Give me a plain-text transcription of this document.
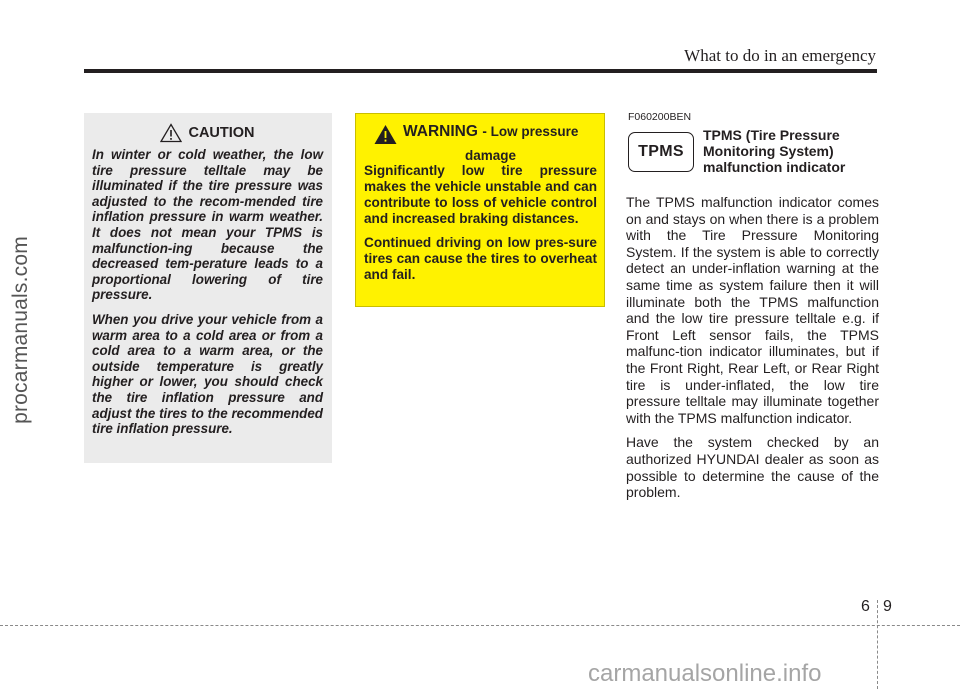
What to do in an emergency
procarmanuals.com
CAUTION

In winter or cold weather, the low tire pressure telltale may be illuminated if the tire pressure was adjusted to the recom-mended tire inflation pressure in warm weather. It does not mean your TPMS is malfunction-ing because the decreased tem-perature leads to a proportional lowering of tire pressure.

When you drive your vehicle from a warm area to a cold area or from a cold area to a warm area, or the outside temperature is greatly higher or lower, you should check the tire inflation pressure and adjust the tires to the recommended tire inflation pressure.

WARNING - Low pressure
damage

Significantly low tire pressure makes the vehicle unstable and can contribute to loss of vehicle control and increased braking distances.

Continued driving on low pres-sure tires can cause the tires to overheat and fail.

F060200BEN
TPMS
TPMS (Tire Pressure
Monitoring System)
malfunction indicator

The TPMS malfunction indicator comes on and stays on when there is a problem with the Tire Pressure Monitoring System. If the system is able to correctly detect an under-inflation warning at the same time as system failure then it will illuminate both the TPMS malfunction and the low tire pressure telltale e.g. if Front Left sensor fails, the TPMS malfunc-tion indicator illuminates, but if the Front Right, Rear Left, or Rear Right tire is under-inflated, the low tire pressure telltale may illuminate together with the TPMS malfunction indicator.

Have the system checked by an authorized HYUNDAI dealer as soon as possible to determine the cause of the problem.

6 9
carmanualsonline.info
